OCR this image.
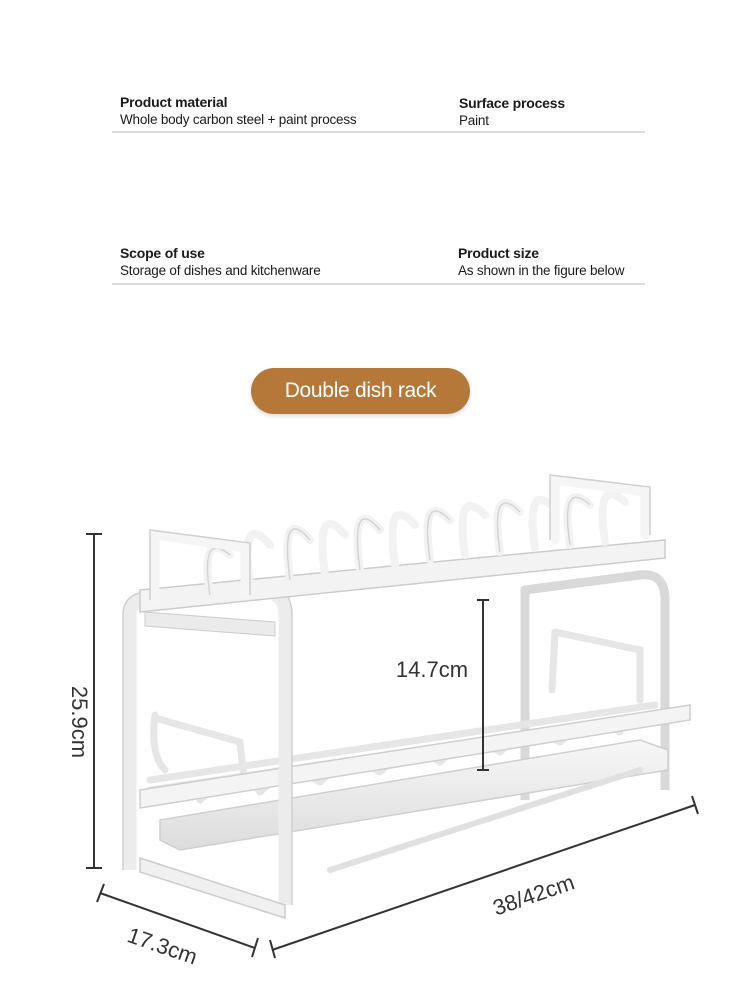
Product material
Whole body carbon steel + paint process
Surface process
Paint
Scope of use
Storage of dishes and kitchenware
Product size
As shown in the figure below
Double dish rack
25.9cm
14.7cm
38/42cm
17.3cm
